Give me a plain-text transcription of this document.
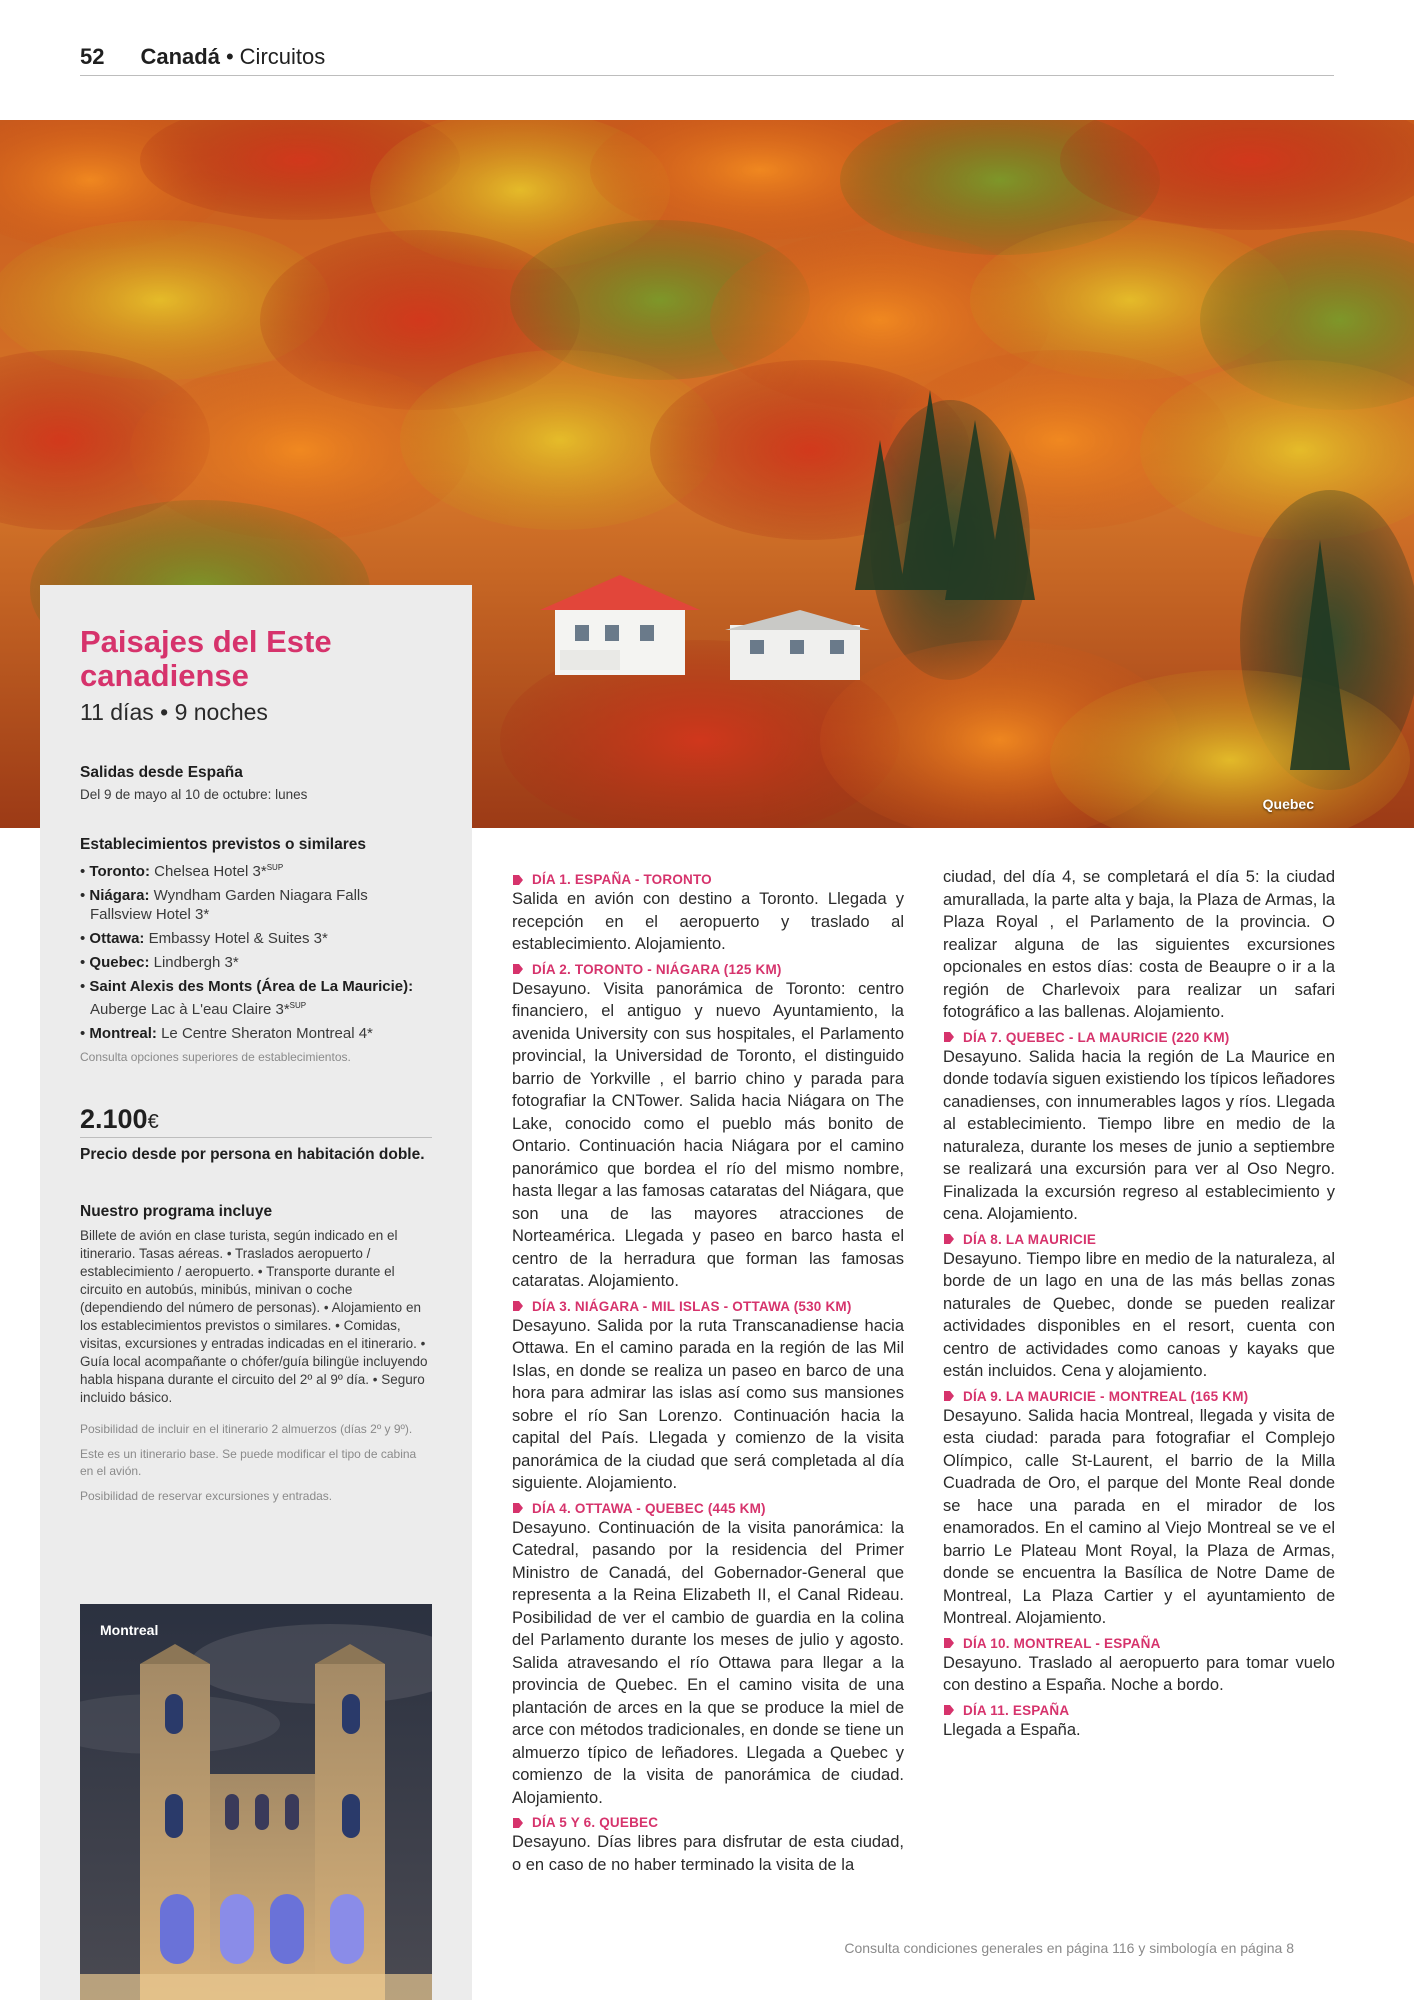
52 Canadá • Circuitos
Quebec
Paisajes del Este
canadiense
11 días • 9 noches
Salidas desde España
Del 9 de mayo al 10 de octubre: lunes
Establecimientos previstos o similares
• Toronto: Chelsea Hotel 3*$^{SUP}$
• Niágara: Wyndham Garden Niagara Falls Fallsview Hotel 3*
• Ottawa: Embassy Hotel & Suites 3*
• Quebec: Lindbergh 3*
• Saint Alexis des Monts (Área de La Mauricie): Auberge Lac à L'eau Claire 3*$^{SUP}$
• Montreal: Le Centre Sheraton Montreal 4*
Consulta opciones superiores de establecimientos.
2.100€
Precio desde por persona en habitación doble.
Nuestro programa incluye
Billete de avión en clase turista, según indicado en el itinerario. Tasas aéreas. • Traslados aeropuerto / establecimiento / aeropuerto. • Transporte durante el circuito en autobús, minibús, minivan o coche (dependiendo del número de personas). • Alojamiento en los establecimientos previstos o similares. • Comidas, visitas, excursiones y entradas indicadas en el itinerario. • Guía local acompañante o chófer/guía bilingüe incluyendo habla hispana durante el circuito del 2º al 9º día. • Seguro incluido básico.

Posibilidad de incluir en el itinerario 2 almuerzos (días 2º y 9º).

Este es un itinerario base. Se puede modificar el tipo de cabina en el avión.

Posibilidad de reservar excursiones y entradas.

Montreal
DÍA 1. ESPAÑA - TORONTO
Salida en avión con destino a Toronto. Llegada y recepción en el aeropuerto y traslado al establecimiento. Alojamiento.
DÍA 2. TORONTO - NIÁGARA (125 KM)
Desayuno. Visita panorámica de Toronto: centro financiero, el antiguo y nuevo Ayuntamiento, la avenida University con sus hospitales, el Parlamento provincial, la Universidad de Toronto, el distinguido barrio de Yorkville , el barrio chino y parada para fotografiar la CNTower. Salida hacia Niágara on The Lake, conocido como el pueblo más bonito de Ontario. Continuación hacia Niágara por el camino panorámico que bordea el río del mismo nombre, hasta llegar a las famosas cataratas del Niágara, que son una de las mayores atracciones de Norteamérica. Llegada y paseo en barco hasta el centro de la herradura que forman las famosas cataratas. Alojamiento.
DÍA 3. NIÁGARA - MIL ISLAS - OTTAWA (530 KM)
Desayuno. Salida por la ruta Transcanadiense hacia Ottawa. En el camino parada en la región de las Mil Islas, en donde se realiza un paseo en barco de una hora para admirar las islas así como sus mansiones sobre el río San Lorenzo. Continuación hacia la capital del País. Llegada y comienzo de la visita panorámica de la ciudad que será completada al día siguiente. Alojamiento.
DÍA 4. OTTAWA - QUEBEC (445 KM)
Desayuno. Continuación de la visita panorámica: la Catedral, pasando por la residencia del Primer Ministro de Canadá, del Gobernador-General que representa a la Reina Elizabeth II, el Canal Rideau. Posibilidad de ver el cambio de guardia en la colina del Parlamento durante los meses de julio y agosto. Salida atravesando el río Ottawa para llegar a la provincia de Quebec. En el camino visita de una plantación de arces en la que se produce la miel de arce con métodos tradicionales, en donde se tiene un almuerzo típico de leñadores. Llegada a Quebec y comienzo de la visita de panorámica de ciudad. Alojamiento.
DÍA 5 Y 6. QUEBEC
Desayuno. Días libres para disfrutar de esta ciudad, o en caso de no haber terminado la visita de la
ciudad, del día 4, se completará el día 5: la ciudad amurallada, la parte alta y baja, la Plaza de Armas, la Plaza Royal , el Parlamento de la provincia. O realizar alguna de las siguientes excursiones opcionales en estos días: costa de Beaupre o ir a la región de Charlevoix para realizar un safari fotográfico a las ballenas. Alojamiento.
DÍA 7. QUEBEC - LA MAURICIE (220 KM)
Desayuno. Salida hacia la región de La Maurice en donde todavía siguen existiendo los típicos leñadores canadienses, con innumerables lagos y ríos. Llegada al establecimiento. Tiempo libre en medio de la naturaleza, durante los meses de junio a septiembre se realizará una excursión para ver al Oso Negro. Finalizada la excursión regreso al establecimiento y cena. Alojamiento.
DÍA 8. LA MAURICIE
Desayuno. Tiempo libre en medio de la naturaleza, al borde de un lago en una de las más bellas zonas naturales de Quebec, donde se pueden realizar actividades disponibles en el resort, cuenta con centro de actividades como canoas y kayaks que están incluidos. Cena y alojamiento.
DÍA 9. LA MAURICIE - MONTREAL (165 KM)
Desayuno. Salida hacia Montreal, llegada y visita de esta ciudad: parada para fotografiar el Complejo Olímpico, calle St-Laurent, el barrio de la Milla Cuadrada de Oro, el parque del Monte Real donde se hace una parada en el mirador de los enamorados. En el camino al Viejo Montreal se ve el barrio Le Plateau Mont Royal, la Plaza de Armas, donde se encuentra la Basílica de Notre Dame de Montreal, La Plaza Cartier y el ayuntamiento de Montreal. Alojamiento.
DÍA 10. MONTREAL - ESPAÑA
Desayuno. Traslado al aeropuerto para tomar vuelo con destino a España. Noche a bordo.
DÍA 11. ESPAÑA
Llegada a España.
Consulta condiciones generales en página 116 y simbología en página 8
